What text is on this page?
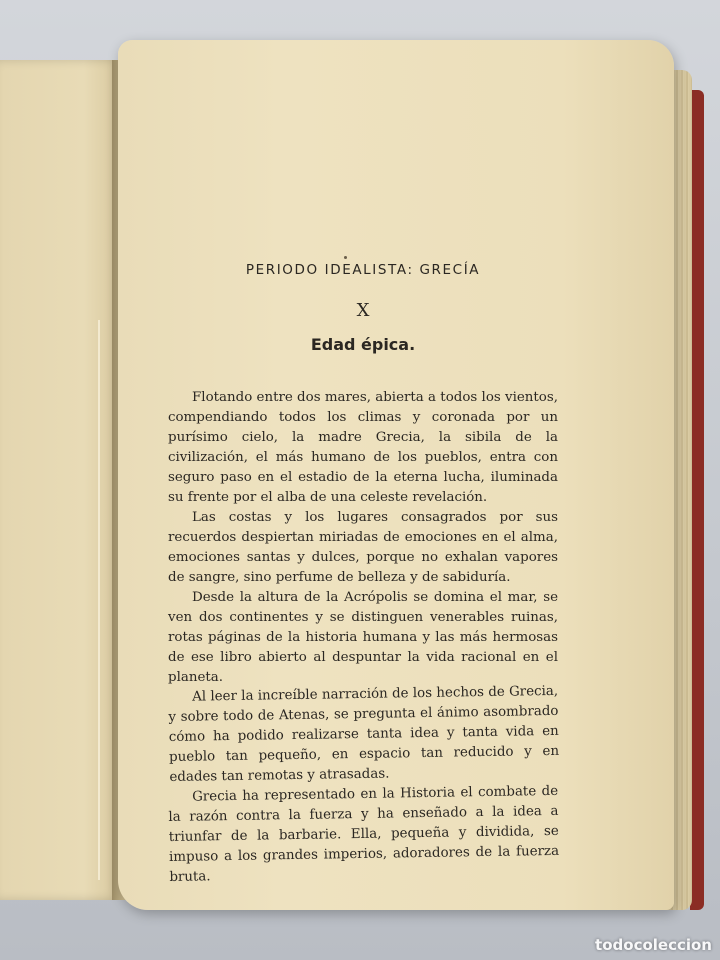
PERIODO IDEALISTA: GRECÍA

X

Edad épica.

Flotando entre dos mares, abierta a todos los vientos, compendiando todos los climas y coronada por un purísimo cielo, la madre Grecia, la sibila de la civilización, el más humano de los pueblos, entra con seguro paso en el estadio de la eterna lucha, iluminada su frente por el alba de una celeste revelación.

Las costas y los lugares consagrados por sus recuerdos despiertan miriadas de emociones en el alma, emociones santas y dulces, porque no exhalan vapores de sangre, sino perfume de belleza y de sabiduría.

Desde la altura de la Acrópolis se domina el mar, se ven dos continentes y se distinguen venerables ruinas, rotas páginas de la historia humana y las más hermosas de ese libro abierto al despuntar la vida racional en el planeta.

Al leer la increíble narración de los hechos de Grecia, y sobre todo de Atenas, se pregunta el ánimo asombrado cómo ha podido realizarse tanta idea y tanta vida en pueblo tan pequeño, en espacio tan reducido y en edades tan remotas y atrasadas.

Grecia ha representado en la Historia el combate de la razón contra la fuerza y ha enseñado a la idea a triunfar de la barbarie. Ella, pequeña y dividida, se impuso a los grandes imperios, adoradores de la fuerza bruta.

todocoleccion
